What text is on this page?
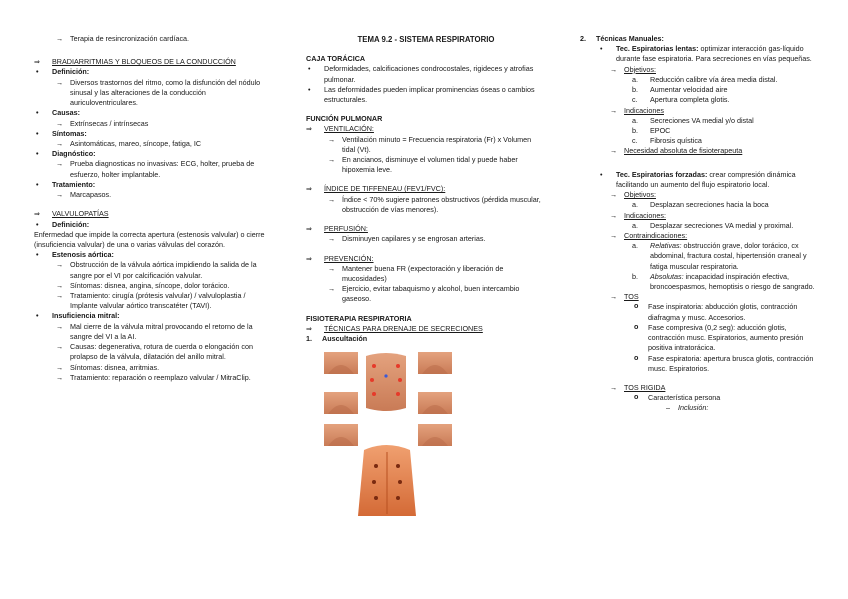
→ Terapia de resincronización cardíaca.
⇒ BRADIARRITMIAS Y BLOQUEOS DE LA CONDUCCIÓN
• Definición:
→ Diversos trastornos del ritmo, como la disfunción del nódulo sinusal y las alteraciones de la conducción auriculoventriculares.
• Causas:
→ Extrínsecas / intrínsecas
• Síntomas:
→ Asintomáticas, mareo, síncope, fatiga, IC
• Diagnóstico:
→ Prueba diagnosticas no invasivas: ECG, holter, prueba de esfuerzo, holter implantable.
• Tratamiento:
→ Marcapasos.
⇒ VALVULOPATÍAS
• Definición:
Enfermedad que impide la correcta apertura (estenosis valvular) o cierre (insuficiencia valvular) de una o varias válvulas del corazón.
• Estenosis aórtica:
→ Obstrucción de la válvula aórtica impidiendo la salida de la sangre por el VI por calcificación valvular.
→ Síntomas: disnea, angina, síncope, dolor torácico.
→ Tratamiento: cirugía (prótesis valvular) / valvuloplastia / Implante valvular aórtico transcatéter (TAVI).
• Insuficiencia mitral:
→ Mal cierre de la válvula mitral provocando el retorno de la sangre del VI a la AI.
→ Causas: degenerativa, rotura de cuerda o elongación con prolapso de la válvula, dilatación del anillo mitral.
→ Síntomas: disnea, arritmias.
→ Tratamiento: reparación o reemplazo valvular / MitraClip.
TEMA 9.2 - SISTEMA RESPIRATORIO
CAJA TORÁCICA
• Deformidades, calcificaciones condrocostales, rigideces y atrofias pulmonar.
• Las deformidades pueden implicar prominencias óseas o cambios estructurales.
FUNCIÓN PULMONAR
⇒ VENTILACIÓN:
→ Ventilación minuto = Frecuencia respiratoria (Fr) x Volumen tidal (Vt).
→ En ancianos, disminuye el volumen tidal y puede haber hipoxemia leve.
⇒ ÍNDICE DE TIFFENEAU (FEV1/FVC):
→ Índice < 70% sugiere patrones obstructivos (pérdida muscular, obstrucción de vías menores).
⇒ PERFUSIÓN:
→ Disminuyen capilares y se engrosan arterias.
⇒ PREVENCIÓN:
→ Mantener buena FR (expectoración y liberación de mucosidades)
→ Ejercicio, evitar tabaquismo y alcohol, buen intercambio gaseoso.
FISIOTERAPIA RESPIRATORIA
⇒ TÉCNICAS PARA DRENAJE DE SECRECIONES
1. Auscultación
2. Técnicas Manuales:
• Tec. Espiratorias lentas: optimizar interacción gas-líquido durante fase espiratoria. Para secreciones en vías pequeñas.
→ Objetivos:
a. Reducción calibre vía área media distal.
b. Aumentar velocidad aire
c. Apertura completa glotis.
→ Indicaciones
a. Secreciones VA medial y/o distal
b. EPOC
c. Fibrosis quística
→ Necesidad absoluta de fisioterapeuta
• Tec. Espiratorias forzadas: crear compresión dinámica facilitando un aumento del flujo espiratorio local.
→ Objetivos:
a. Desplazan secreciones hacia la boca
→ Indicaciones:
a. Desplazar secreciones VA medial y proximal.
→ Contraindicaciones:
a. Relativas: obstrucción grave, dolor torácico, cx abdominal, fractura costal, hipertensión craneal y fatiga muscular respiratoria.
b. Absolutas: incapacidad inspiración efectiva, broncoespasmos, hemoptisis o riesgo de sangrado.
→ TOS
o Fase inspiratoria: abducción glotis, contracción diafragma y musc. Accesorios.
o Fase compresiva (0,2 seg): aducción glotis, contracción musc. Espiratorios, aumento presión positiva intratorácica.
o Fase espiratoria: apertura brusca glotis, contracción musc. Espiratorios.
→ TOS RIGIDA
o Característica persona
– Inclusión:
